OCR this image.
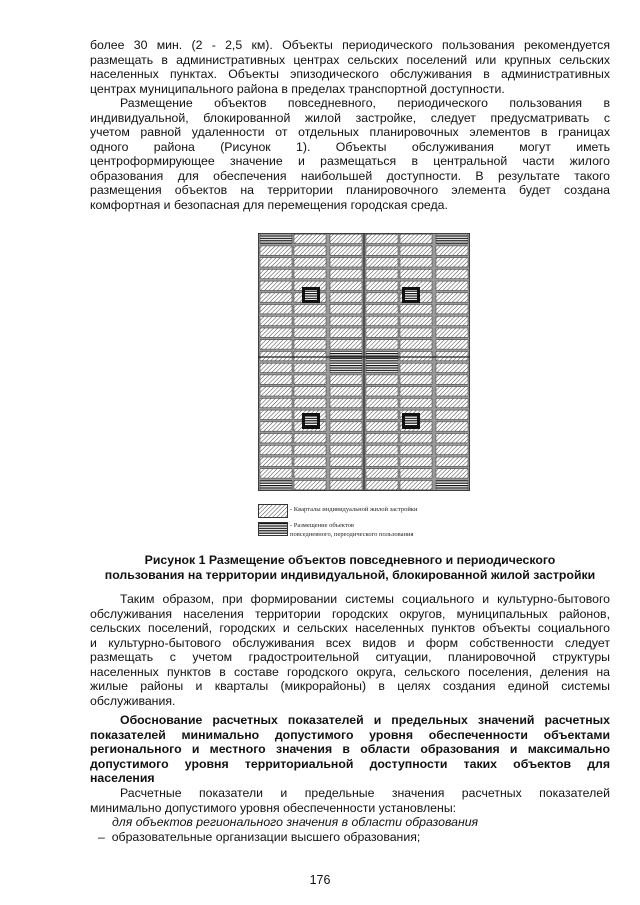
более 30 мин. (2 - 2,5 км). Объекты периодического пользования рекомендуется
размещать в административных центрах сельских поселений или крупных сельских
населенных пунктах. Объекты эпизодического обслуживания в административных
центрах муниципального района в пределах транспортной доступности.

Размещение объектов повседневного, периодического пользования в
индивидуальной, блокированной жилой застройке, следует предусматривать с
учетом равной удаленности от отдельных планировочных элементов в границах
одного района (Рисунок 1). Объекты обслуживания могут иметь
центроформирующее значение и размещаться в центральной части жилого
образования для обеспечения наибольшей доступности. В результате такого
размещения объектов на территории планировочного элемента будет создана
комфортная и безопасная для перемещения городская среда.

- Кварталы индивидуальной жилой застройки
- Размещение объектов
повседневного, переодического пользования
Рисунок 1 Размещение объектов повседневного и периодического
пользования на территории индивидуальной, блокированной жилой застройки

Таким образом, при формировании системы социального и культурно-бытового
обслуживания населения территории городских округов, муниципальных районов,
сельских поселений, городских и сельских населенных пунктов объекты социального
и культурно-бытового обслуживания всех видов и форм собственности следует
размещать с учетом градостроительной ситуации, планировочной структуры
населенных пунктов в составе городского округа, сельского поселения, деления на
жилые районы и кварталы (микрорайоны) в целях создания единой системы
обслуживания.

Обоснование расчетных показателей и предельных значений расчетных
показателей минимально допустимого уровня обеспеченности объектами
регионального и местного значения в области образования и максимально
допустимого уровня территориальной доступности таких объектов для
населения

Расчетные показатели и предельные значения расчетных показателей
минимально допустимого уровня обеспеченности установлены:

для объектов регионального значения в области образования

– образовательные организации высшего образования;

176
